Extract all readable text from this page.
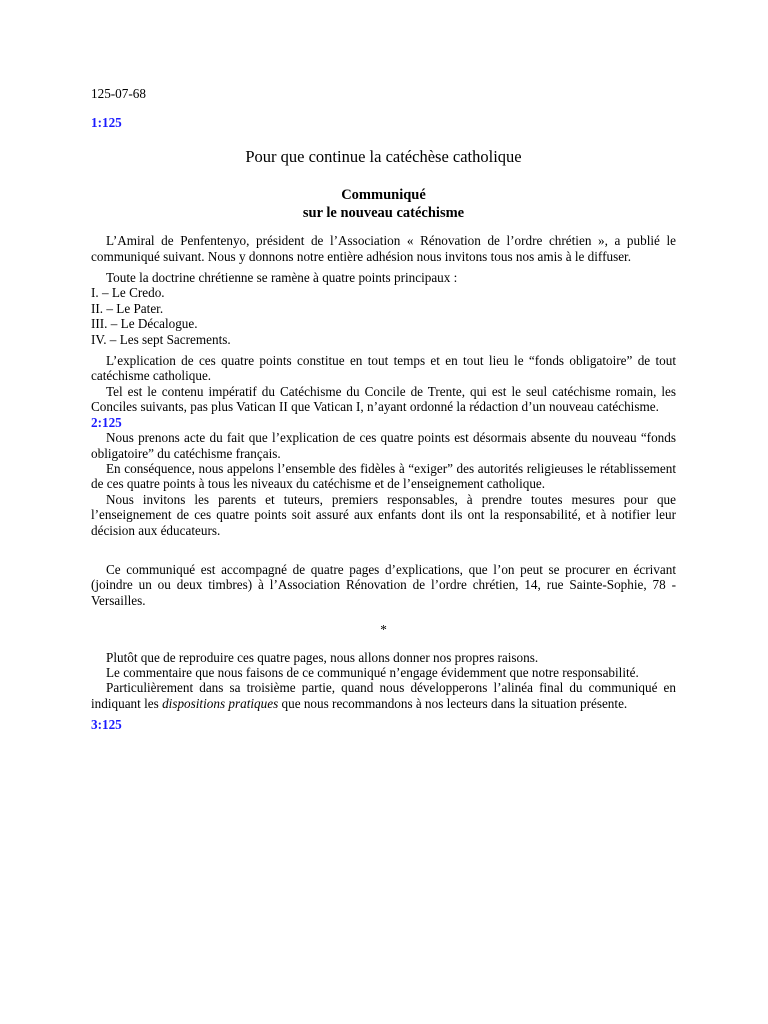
125-07-68
1:125
Pour que continue la catéchèse catholique
Communiqué
sur le nouveau catéchisme

L’Amiral de Penfentenyo, président de l’Association « Rénovation de l’ordre chrétien », a publié le communiqué suivant. Nous y donnons notre entière adhésion nous invitons tous nos amis à le diffuser.

Toute la doctrine chrétienne se ramène à quatre points principaux :

I. – Le Credo.
II. – Le Pater.
III. – Le Décalogue.
IV. – Les sept Sacrements.

L’explication de ces quatre points constitue en tout temps et en tout lieu le “fonds obligatoire” de tout catéchisme catholique.

Tel est le contenu impératif du Catéchisme du Concile de Trente, qui est le seul catéchisme romain, les Conciles suivants, pas plus Vatican II que Vatican I, n’ayant ordonné la rédaction d’un nouveau catéchisme.

2:125

Nous prenons acte du fait que l’explication de ces quatre points est désormais absente du nouveau “fonds obligatoire” du catéchisme français.

En conséquence, nous appelons l’ensemble des fidèles à “exiger” des autorités religieuses le rétablissement de ces quatre points à tous les niveaux du catéchisme et de l’enseignement catholique.

Nous invitons les parents et tuteurs, premiers responsables, à prendre toutes mesures pour que l’enseignement de ces quatre points soit assuré aux enfants dont ils ont la responsabilité, et à notifier leur décision aux éducateurs.

Ce communiqué est accompagné de quatre pages d’explications, que l’on peut se procurer en écrivant (joindre un ou deux timbres) à l’Association Rénovation de l’ordre chrétien, 14, rue Sainte-Sophie, 78 - Versailles.

*

Plutôt que de reproduire ces quatre pages, nous allons donner nos propres raisons.

Le commentaire que nous faisons de ce communiqué n’engage évidemment que notre responsabilité.

Particulièrement dans sa troisième partie, quand nous développerons l’alinéa final du communiqué en indiquant les dispositions pratiques que nous recommandons à nos lecteurs dans la situation présente.

3:125
